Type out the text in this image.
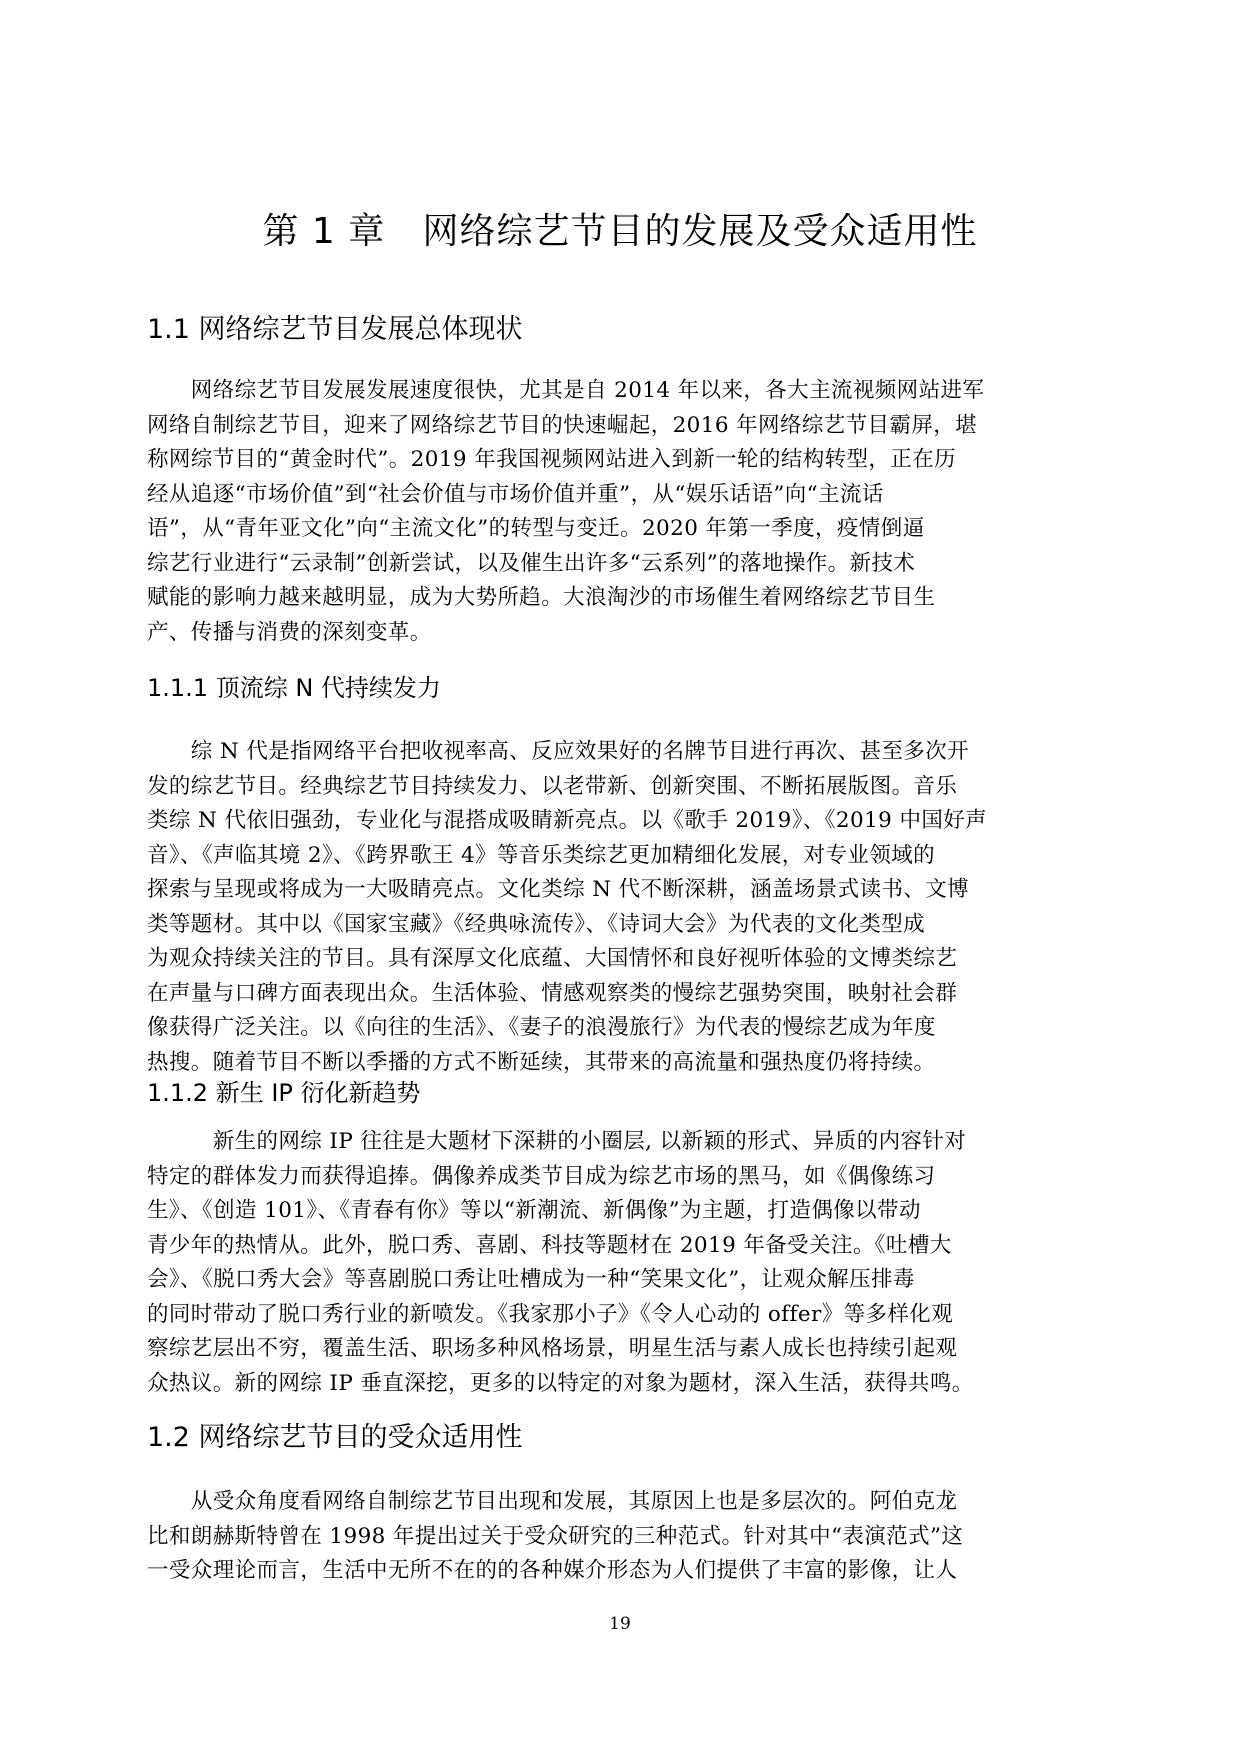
第 1 章   网络综艺节目的发展及受众适用性
1.1 网络综艺节目发展总体现状
　　网络综艺节目发展发展速度很快，尤其是自 2014 年以来，各大主流视频网站进军
网络自制综艺节目，迎来了网络综艺节目的快速崛起，2016 年网络综艺节目霸屏，堪
称网综节目的“黄金时代”。2019 年我国视频网站进入到新一轮的结构转型，正在历
经从追逐“市场价值”到“社会价值与市场价值并重”，从“娱乐话语”向“主流话
语”，从“青年亚文化”向“主流文化”的转型与变迁。2020 年第一季度，疫情倒逼
综艺行业进行“云录制”创新尝试，以及催生出许多“云系列”的落地操作。新技术
赋能的影响力越来越明显，成为大势所趋。大浪淘沙的市场催生着网络综艺节目生
产、传播与消费的深刻变革。
1.1.1 顶流综 N 代持续发力
　　综 N 代是指网络平台把收视率高、反应效果好的名牌节目进行再次、甚至多次开
发的综艺节目。经典综艺节目持续发力、以老带新、创新突围、不断拓展版图。音乐
类综 N 代依旧强劲，专业化与混搭成吸睛新亮点。以《歌手 2019》、《2019 中国好声
音》、《声临其境 2》、《跨界歌王 4》等音乐类综艺更加精细化发展，对专业领域的
探索与呈现或将成为一大吸睛亮点。文化类综 N 代不断深耕，涵盖场景式读书、文博
类等题材。其中以《国家宝藏》《经典咏流传》、《诗词大会》为代表的文化类型成
为观众持续关注的节目。具有深厚文化底蕴、大国情怀和良好视听体验的文博类综艺
在声量与口碑方面表现出众。生活体验、情感观察类的慢综艺强势突围，映射社会群
像获得广泛关注。以《向往的生活》、《妻子的浪漫旅行》为代表的慢综艺成为年度
热搜。随着节目不断以季播的方式不断延续，其带来的高流量和强热度仍将持续。
1.1.2 新生 IP 衍化新趋势
　　　新生的网综 IP 往往是大题材下深耕的小圈层, 以新颖的形式、异质的内容针对
特定的群体发力而获得追捧。偶像养成类节目成为综艺市场的黑马，如《偶像练习
生》、《创造 101》、《青春有你》等以“新潮流、新偶像”为主题，打造偶像以带动
青少年的热情从。此外，脱口秀、喜剧、科技等题材在 2019 年备受关注。《吐槽大
会》、《脱口秀大会》等喜剧脱口秀让吐槽成为一种“笑果文化”，让观众解压排毒
的同时带动了脱口秀行业的新喷发。《我家那小子》《令人心动的 offer》等多样化观
察综艺层出不穷，覆盖生活、职场多种风格场景，明星生活与素人成长也持续引起观
众热议。新的网综 IP 垂直深挖，更多的以特定的对象为题材，深入生活，获得共鸣。
1.2 网络综艺节目的受众适用性
　　从受众角度看网络自制综艺节目出现和发展，其原因上也是多层次的。阿伯克龙
比和朗赫斯特曾在 1998 年提出过关于受众研究的三种范式。针对其中“表演范式”这
一受众理论而言，生活中无所不在的的各种媒介形态为人们提供了丰富的影像，让人
19
